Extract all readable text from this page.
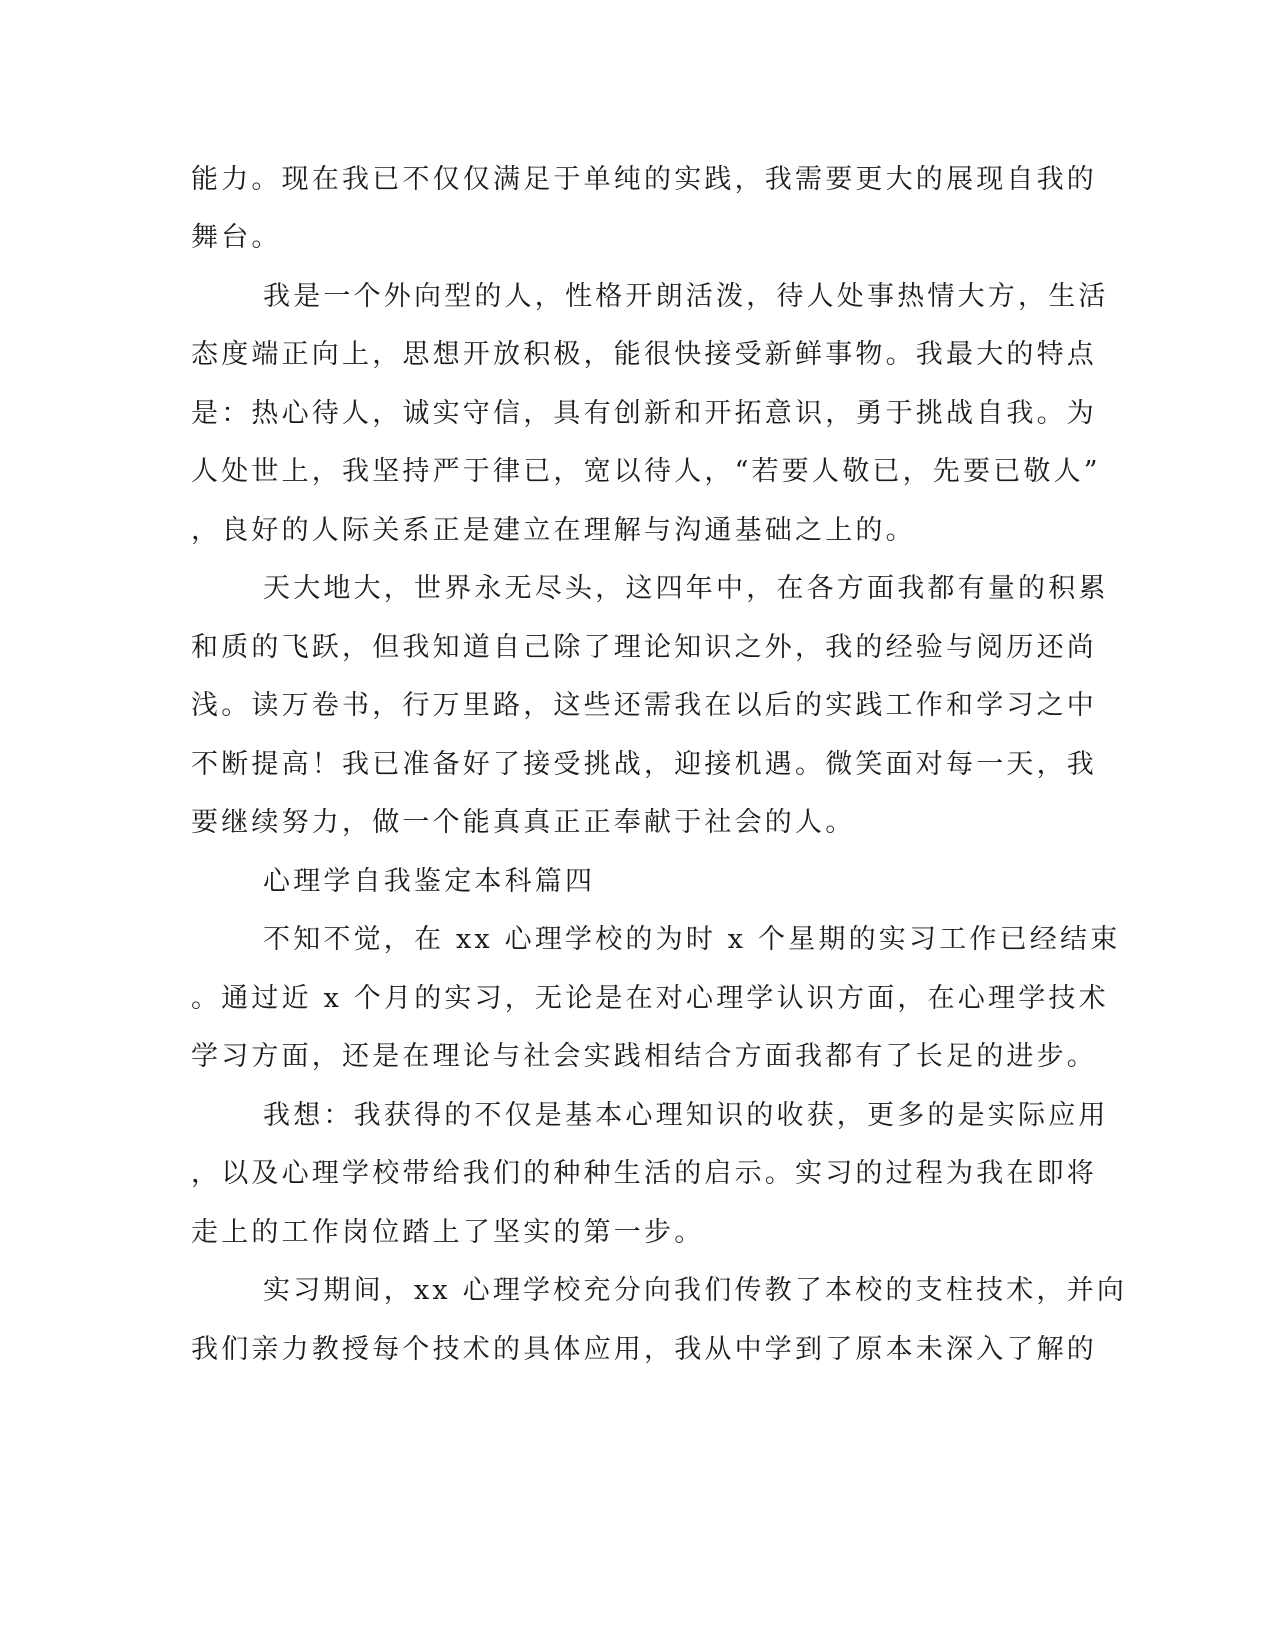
能力。现在我已不仅仅满足于单纯的实践，我需要更大的展现自我的
舞台。
我是一个外向型的人，性格开朗活泼，待人处事热情大方，生活
态度端正向上，思想开放积极，能很快接受新鲜事物。我最大的特点
是：热心待人，诚实守信，具有创新和开拓意识，勇于挑战自我。为
人处世上，我坚持严于律已，宽以待人，“若要人敬已，先要已敬人”
，良好的人际关系正是建立在理解与沟通基础之上的。
天大地大，世界永无尽头，这四年中，在各方面我都有量的积累
和质的飞跃，但我知道自己除了理论知识之外，我的经验与阅历还尚
浅。读万卷书，行万里路，这些还需我在以后的实践工作和学习之中
不断提高！我已准备好了接受挑战，迎接机遇。微笑面对每一天，我
要继续努力，做一个能真真正正奉献于社会的人。
心理学自我鉴定本科篇四
不知不觉，在 xx 心理学校的为时 x 个星期的实习工作已经结束
。通过近 x 个月的实习，无论是在对心理学认识方面，在心理学技术
学习方面，还是在理论与社会实践相结合方面我都有了长足的进步。
我想：我获得的不仅是基本心理知识的收获，更多的是实际应用
，以及心理学校带给我们的种种生活的启示。实习的过程为我在即将
走上的工作岗位踏上了坚实的第一步。
实习期间，xx 心理学校充分向我们传教了本校的支柱技术，并向
我们亲力教授每个技术的具体应用，我从中学到了原本未深入了解的
